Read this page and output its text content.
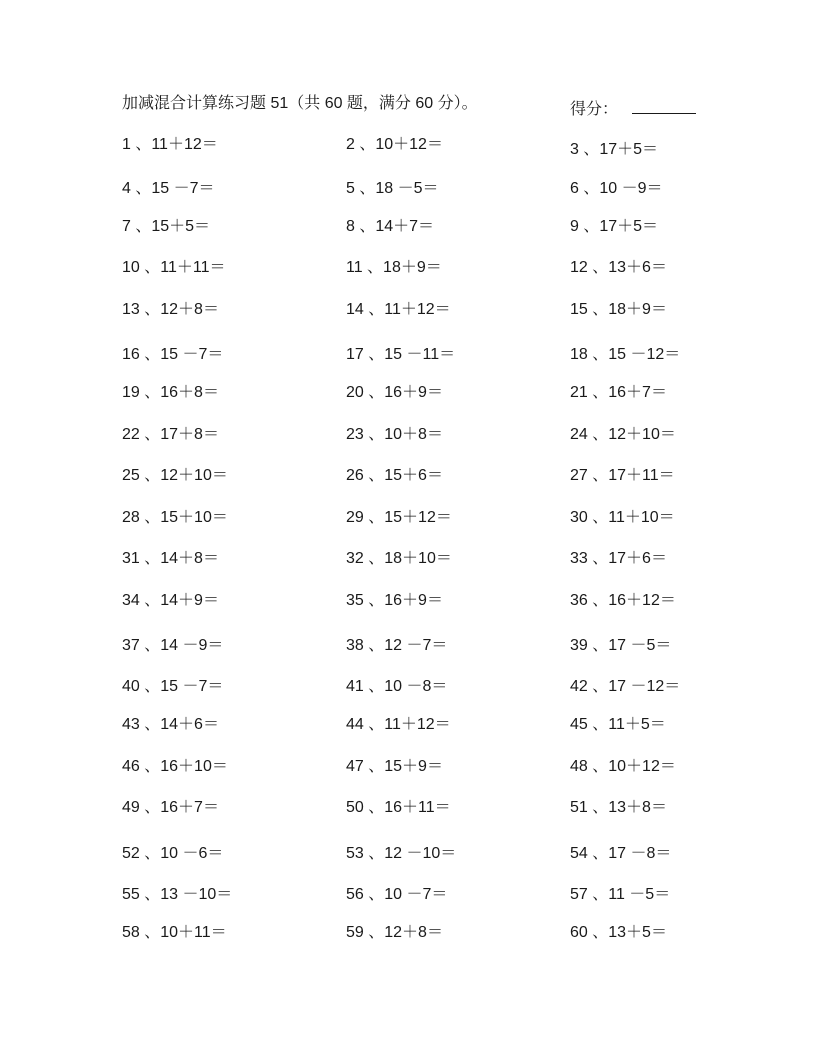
加减混合计算练习题 51（共 60 题，满分 60 分）。	得分：
1 、11＋12＝	2 、10＋12＝	3 、17＋5＝
4 、15 －7＝	5 、18 －5＝	6 、10 －9＝
7 、15＋5＝	8 、14＋7＝	9 、17＋5＝
10 、11＋11＝	11 、18＋9＝	12 、13＋6＝
13 、12＋8＝	14 、11＋12＝	15 、18＋9＝
16 、15 －7＝	17 、15 －11＝	18 、15 －12＝
19 、16＋8＝	20 、16＋9＝	21 、16＋7＝
22 、17＋8＝	23 、10＋8＝	24 、12＋10＝
25 、12＋10＝	26 、15＋6＝	27 、17＋11＝
28 、15＋10＝	29 、15＋12＝	30 、11＋10＝
31 、14＋8＝	32 、18＋10＝	33 、17＋6＝
34 、14＋9＝	35 、16＋9＝	36 、16＋12＝
37 、14 －9＝	38 、12 －7＝	39 、17 －5＝
40 、15 －7＝	41 、10 －8＝	42 、17 －12＝
43 、14＋6＝	44 、11＋12＝	45 、11＋5＝
46 、16＋10＝	47 、15＋9＝	48 、10＋12＝
49 、16＋7＝	50 、16＋11＝	51 、13＋8＝
52 、10 －6＝	53 、12 －10＝	54 、17 －8＝
55 、13 －10＝	56 、10 －7＝	57 、11 －5＝
58 、10＋11＝	59 、12＋8＝	60 、13＋5＝
